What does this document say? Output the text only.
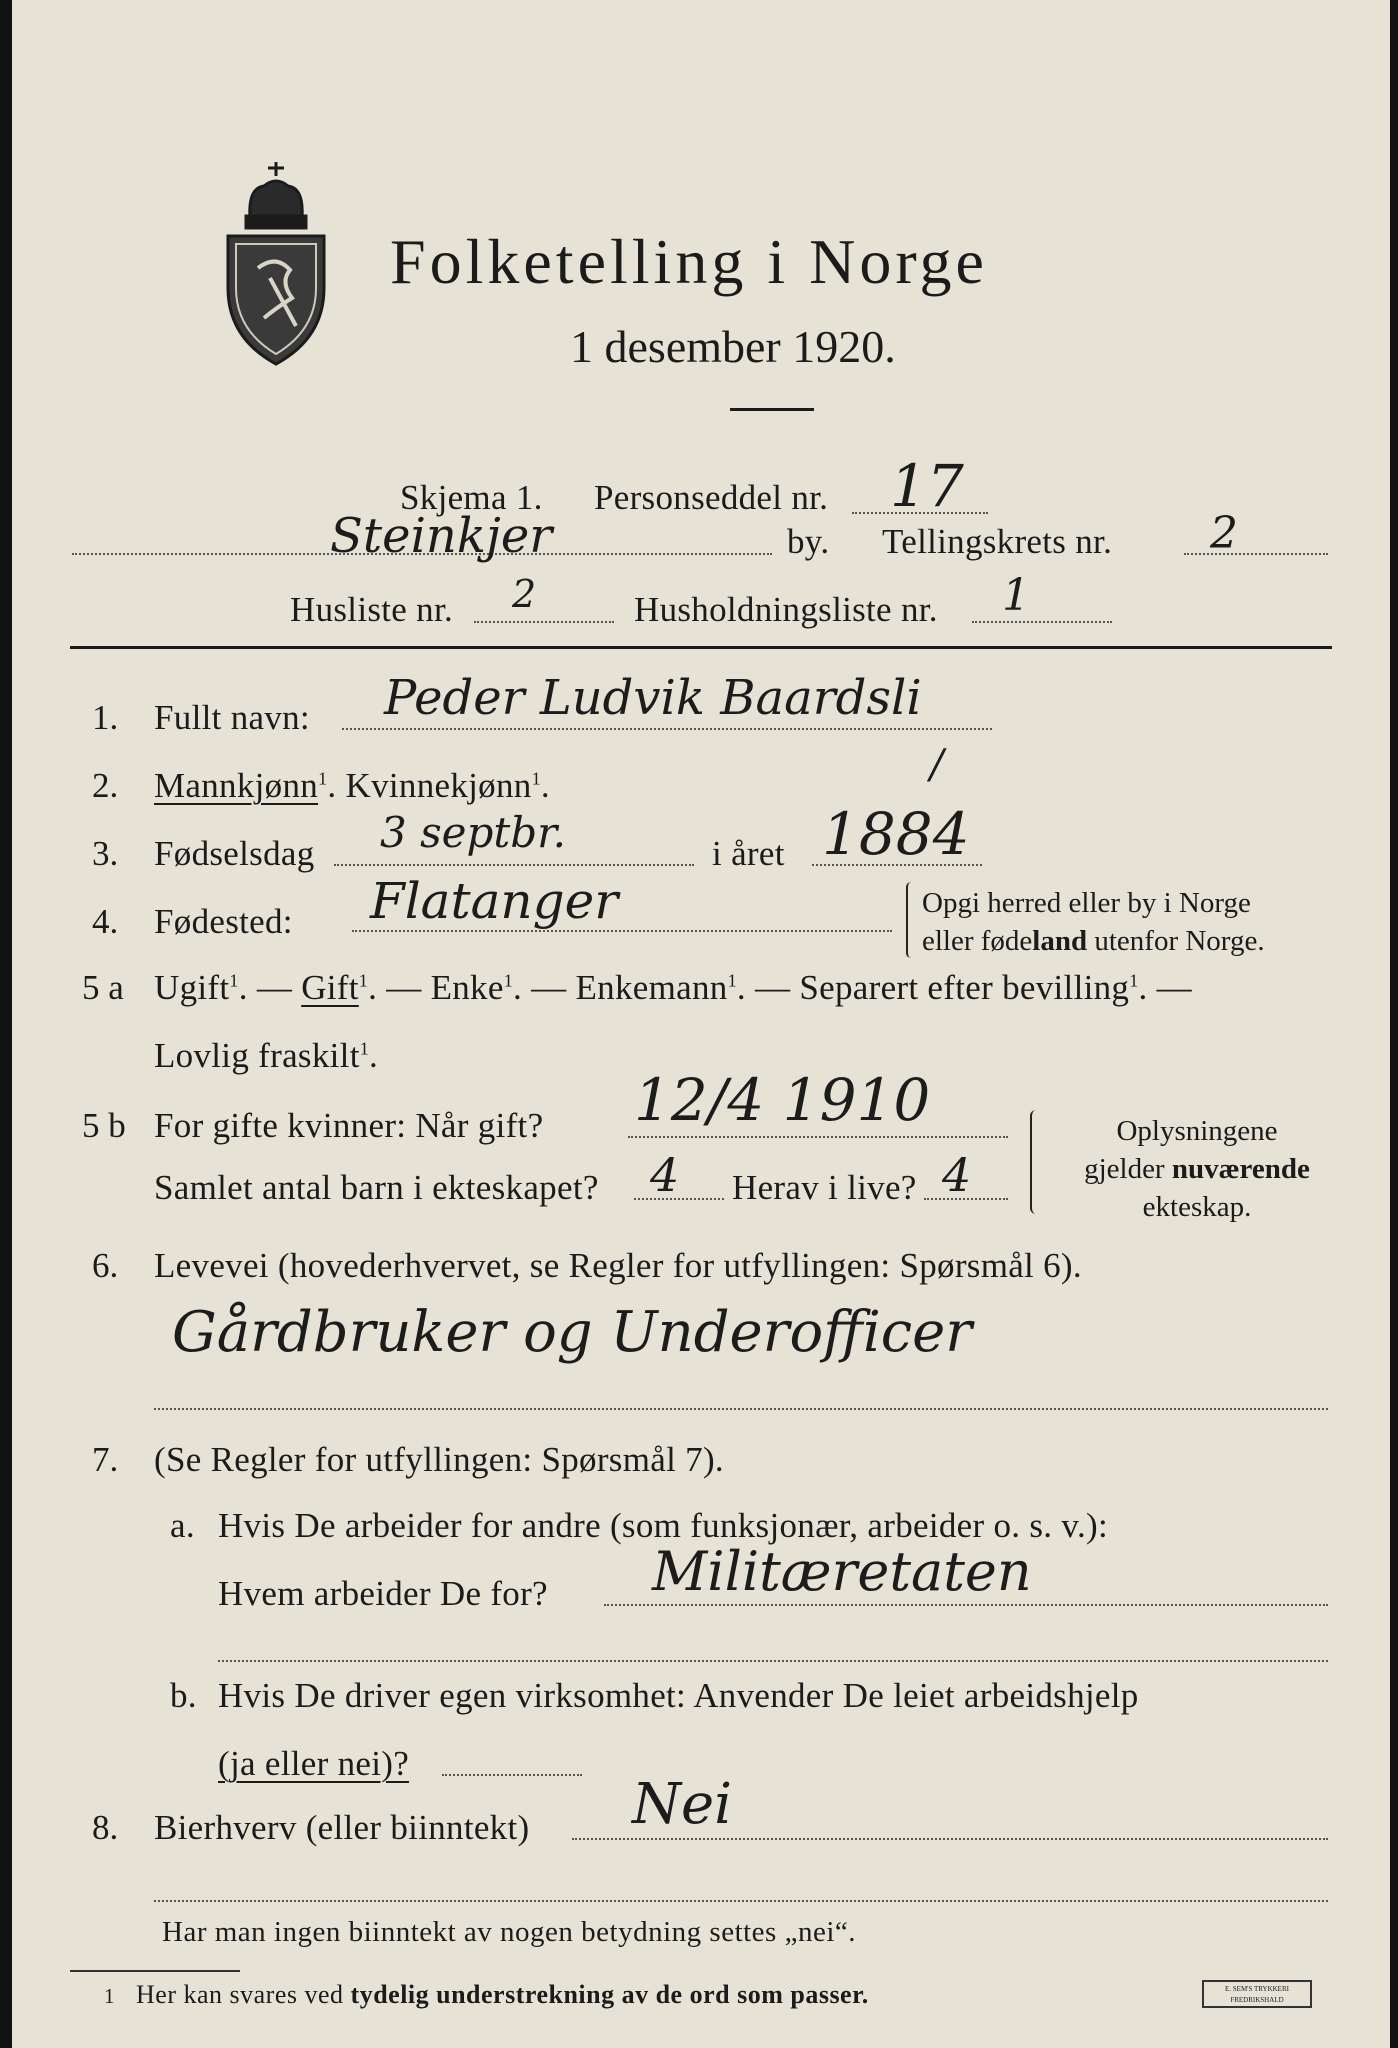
Folketelling i Norge
1 desember 1920.
Skjema 1. Personseddel nr. 17
Steinkjer	by. Tellingskrets nr. 2
Husliste nr. 2	Husholdningsliste nr. 1
1. Fullt navn: Peder Ludvik Baardsli
2. Mannkjønn$^1$. Kvinnekjønn$^1$.	/
3. Fødselsdag 3 septbr.	i året 1884
4. Fødested: Flatanger	Opgi herred eller by i Norge
eller fødeland utenfor Norge.
5 a Ugift$^1$. — Gift$^1$. — Enke$^1$. — Enkemann$^1$. — Separert efter bevilling$^1$. —
Lovlig fraskilt$^1$.
5 b For gifte kvinner: Når gift? 12/4 1910
Samlet antal barn i ekteskapet? 4 Herav i live? 4
Oplysningene
gjelder nuværende
ekteskap.
6. Levevei (hovederhvervet, se Regler for utfyllingen: Spørsmål 6).
Gårdbruker og Underofficer
7. (Se Regler for utfyllingen: Spørsmål 7).
a. Hvis De arbeider for andre (som funksjonær, arbeider o. s. v.):
Hvem arbeider De for? Militæretaten
b. Hvis De driver egen virksomhet: Anvender De leiet arbeidshjelp
(ja eller nei)?
8. Bierhverv (eller biinntekt) Nei
Har man ingen biinntekt av nogen betydning settes „nei“.
1 Her kan svares ved tydelig understrekning av de ord som passer.	E. SEM'S TRYKKERI
FREDRIKSHALD
